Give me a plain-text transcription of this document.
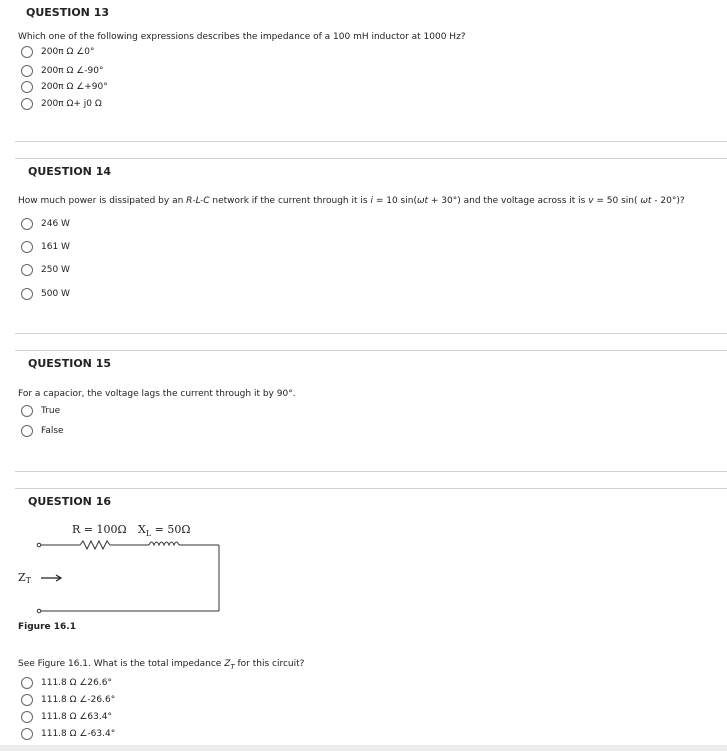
QUESTION 13
Which one of the following expressions describes the impedance of a 100 mH inductor at 1000 Hz?
200π Ω ∠0°
200π Ω ∠-90°
200π Ω ∠+90°
200π Ω+ j0 Ω
QUESTION 14
How much power is dissipated by an R-L-C network if the current through it is i = 10 sin(ωt + 30°) and the voltage across it is v = 50 sin( ωt - 20°)?
246 W
161 W
250 W
500 W
QUESTION 15
For a capacior, the voltage lags the current through it by 90°.
True
False
QUESTION 16
R = 100Ω $X_L = 50\Omega$
ZT
Figure 16.1
See Figure 16.1. What is the total impedance $Z_T$ for this circuit?
111.8 Ω ∠26.6°
111.8 Ω ∠-26.6°
111.8 Ω ∠63.4°
111.8 Ω ∠-63.4°
